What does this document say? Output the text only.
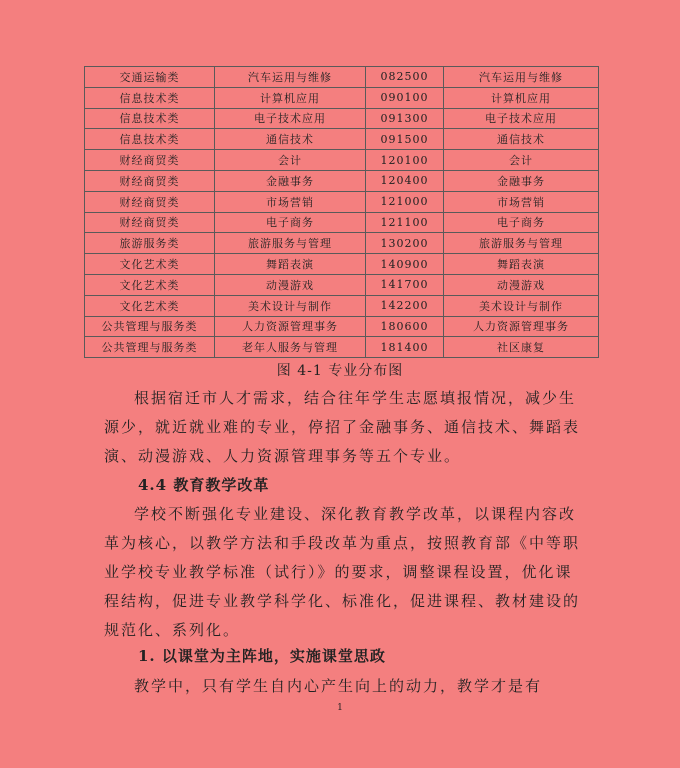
交通运输类	汽车运用与维修	082500	汽车运用与维修
信息技术类	计算机应用	090100	计算机应用
信息技术类	电子技术应用	091300	电子技术应用
信息技术类	通信技术	091500	通信技术
财经商贸类	会计	120100	会计
财经商贸类	金融事务	120400	金融事务
财经商贸类	市场营销	121000	市场营销
财经商贸类	电子商务	121100	电子商务
旅游服务类	旅游服务与管理	130200	旅游服务与管理
文化艺术类	舞蹈表演	140900	舞蹈表演
文化艺术类	动漫游戏	141700	动漫游戏
文化艺术类	美术设计与制作	142200	美术设计与制作
公共管理与服务类	人力资源管理事务	180600	人力资源管理事务
公共管理与服务类	老年人服务与管理	181400	社区康复
图 4-1 专业分布图

根据宿迁市人才需求，结合往年学生志愿填报情况，减少生源少，就近就业难的专业，停招了金融事务、通信技术、舞蹈表演、动漫游戏、人力资源管理事务等五个专业。

4.4 教育教学改革

学校不断强化专业建设、深化教育教学改革，以课程内容改革为核心，以教学方法和手段改革为重点，按照教育部《中等职业学校专业教学标准（试行）》的要求，调整课程设置，优化课程结构，促进专业教学科学化、标准化，促进课程、教材建设的规范化、系列化。

1. 以课堂为主阵地，实施课堂思政

教学中，只有学生自内心产生向上的动力，教学才是有

1
